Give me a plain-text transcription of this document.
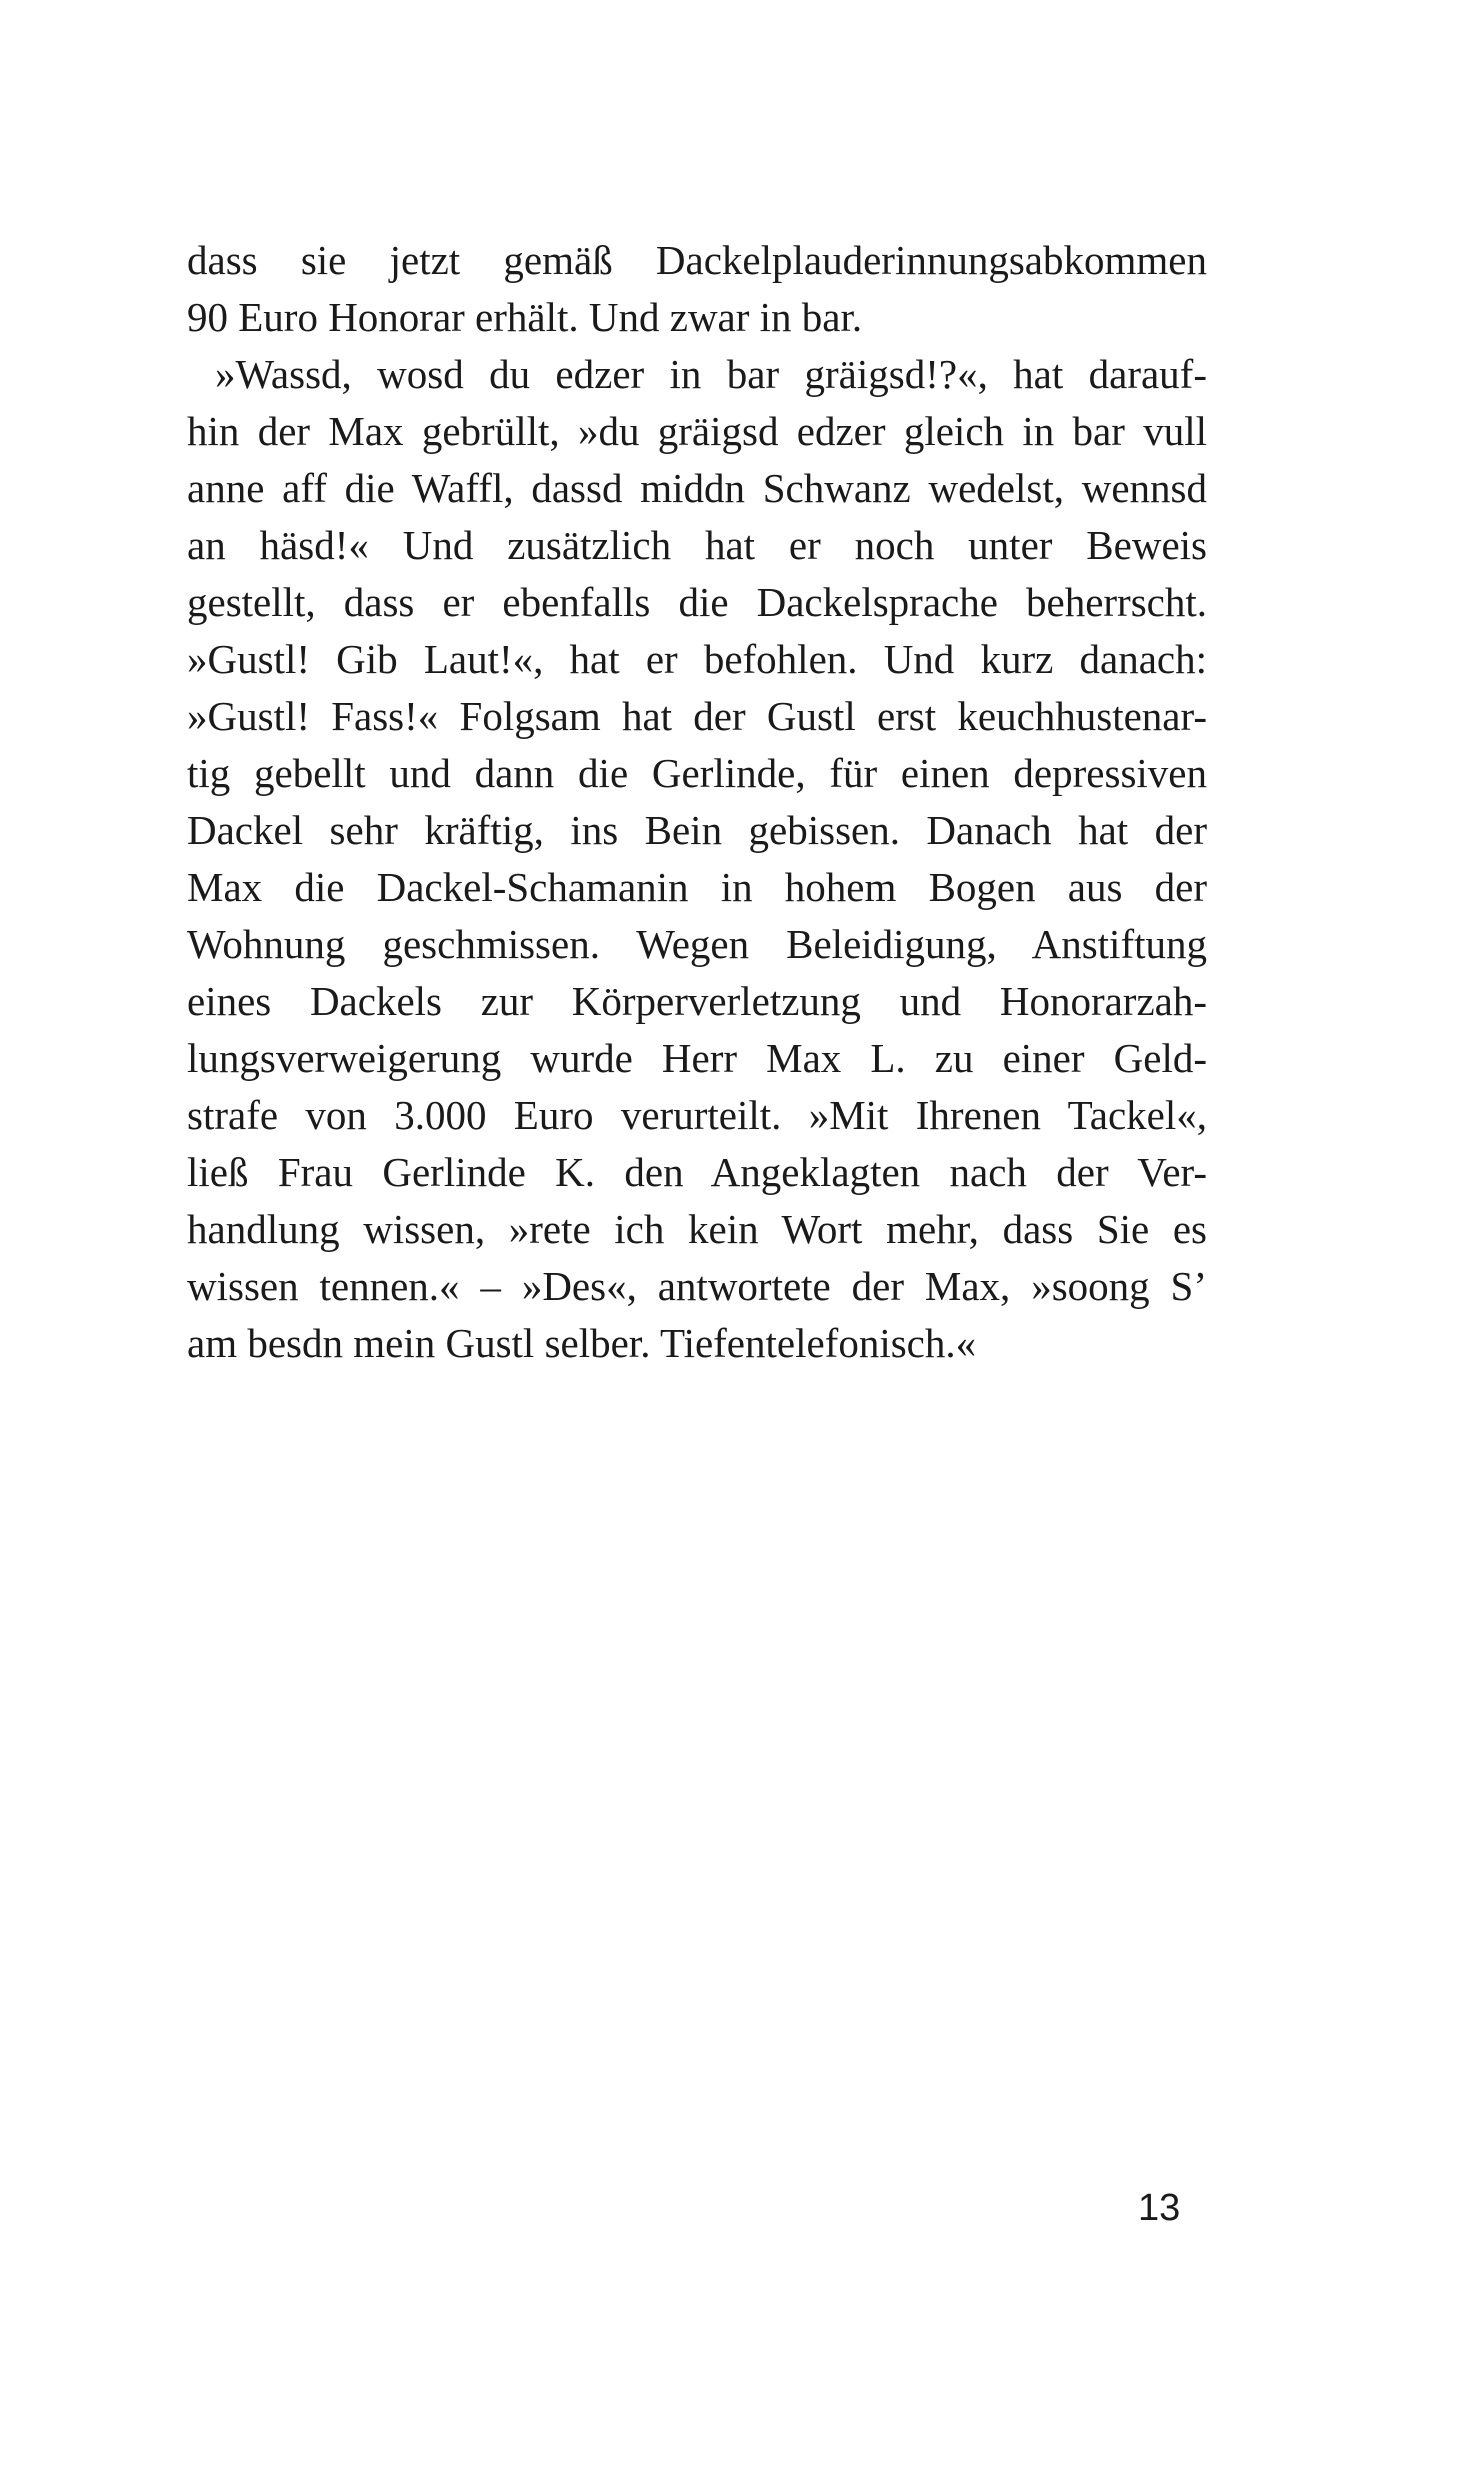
dass sie jetzt gemäß Dackelplauderinnungsabkommen
90 Euro Honorar erhält. Und zwar in bar.
»Wassd, wosd du edzer in bar gräigsd!?«, hat darauf-
hin der Max gebrüllt, »du gräigsd edzer gleich in bar vull
anne aff die Waffl, dassd middn Schwanz wedelst, wennsd
an häsd!« Und zusätzlich hat er noch unter Beweis
gestellt, dass er ebenfalls die Dackelsprache beherrscht.
»Gustl! Gib Laut!«, hat er befohlen. Und kurz danach:
»Gustl! Fass!« Folgsam hat der Gustl erst keuchhustenar-
tig gebellt und dann die Gerlinde, für einen depressiven
Dackel sehr kräftig, ins Bein gebissen. Danach hat der
Max die Dackel-Schamanin in hohem Bogen aus der
Wohnung geschmissen. Wegen Beleidigung, Anstiftung
eines Dackels zur Körperverletzung und Honorarzah-
lungsverweigerung wurde Herr Max L. zu einer Geld-
strafe von 3.000 Euro verurteilt. »Mit Ihrenen Tackel«,
ließ Frau Gerlinde K. den Angeklagten nach der Ver-
handlung wissen, »rete ich kein Wort mehr, dass Sie es
wissen tennen.« – »Des«, antwortete der Max, »soong S’
am besdn mein Gustl selber. Tiefentelefonisch.«
13
